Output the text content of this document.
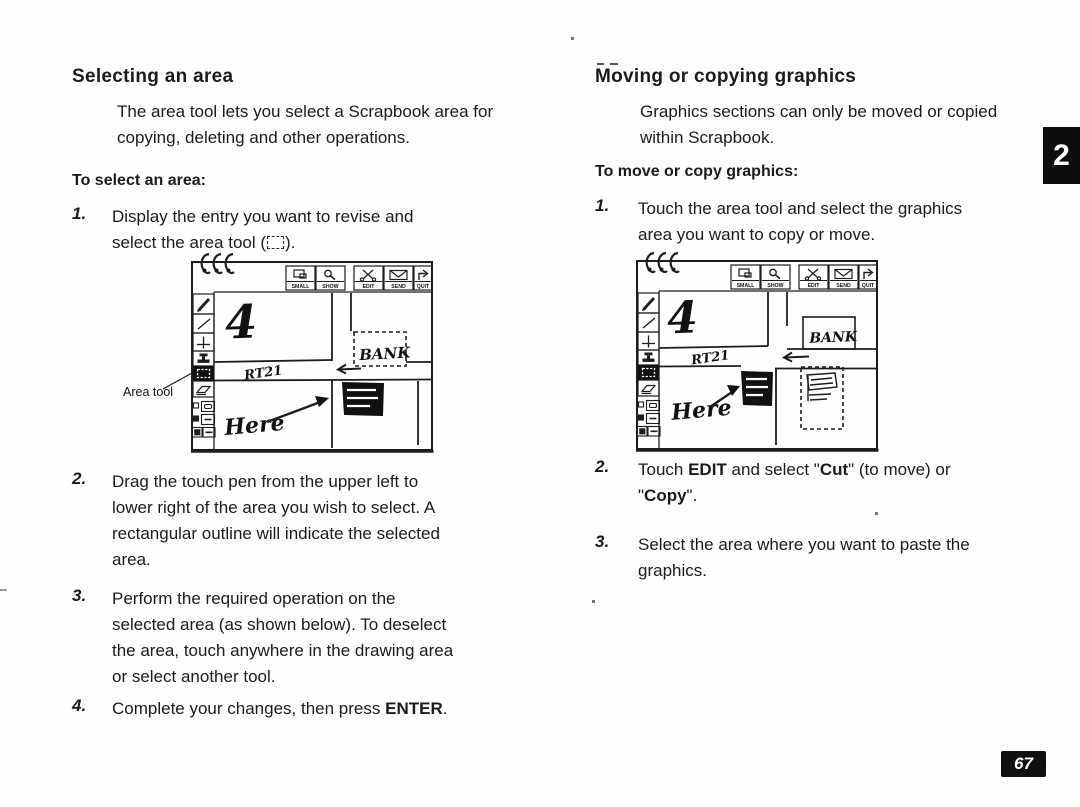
Selecting an area
The area tool lets you select a Scrapbook area for
copying, deleting and other operations.
To select an area:
1. Display the entry you want to revise and
select the area tool ( ).
SMALL SHOW	EDIT	SEND QUIT
4
BANK
RT21
Here
Area tool
2. Drag the touch pen from the upper left to
lower right of the area you wish to select. A
rectangular outline will indicate the selected
area.
3. Perform the required operation on the
selected area (as shown below). To deselect
the area, touch anywhere in the drawing area
or select another tool.
4. Complete your changes, then press ENTER.
Moving or copying graphics
Graphics sections can only be moved or copied
within Scrapbook.
To move or copy graphics:
1. Touch the area tool and select the graphics
area you want to copy or move.
SMALL SHOW	EDIT	SEND QUIT
4	BANK
RT21
Here
2. Touch EDIT and select "Cut" (to move) or
"Copy".
3. Select the area where you want to paste the
graphics.
2
67
